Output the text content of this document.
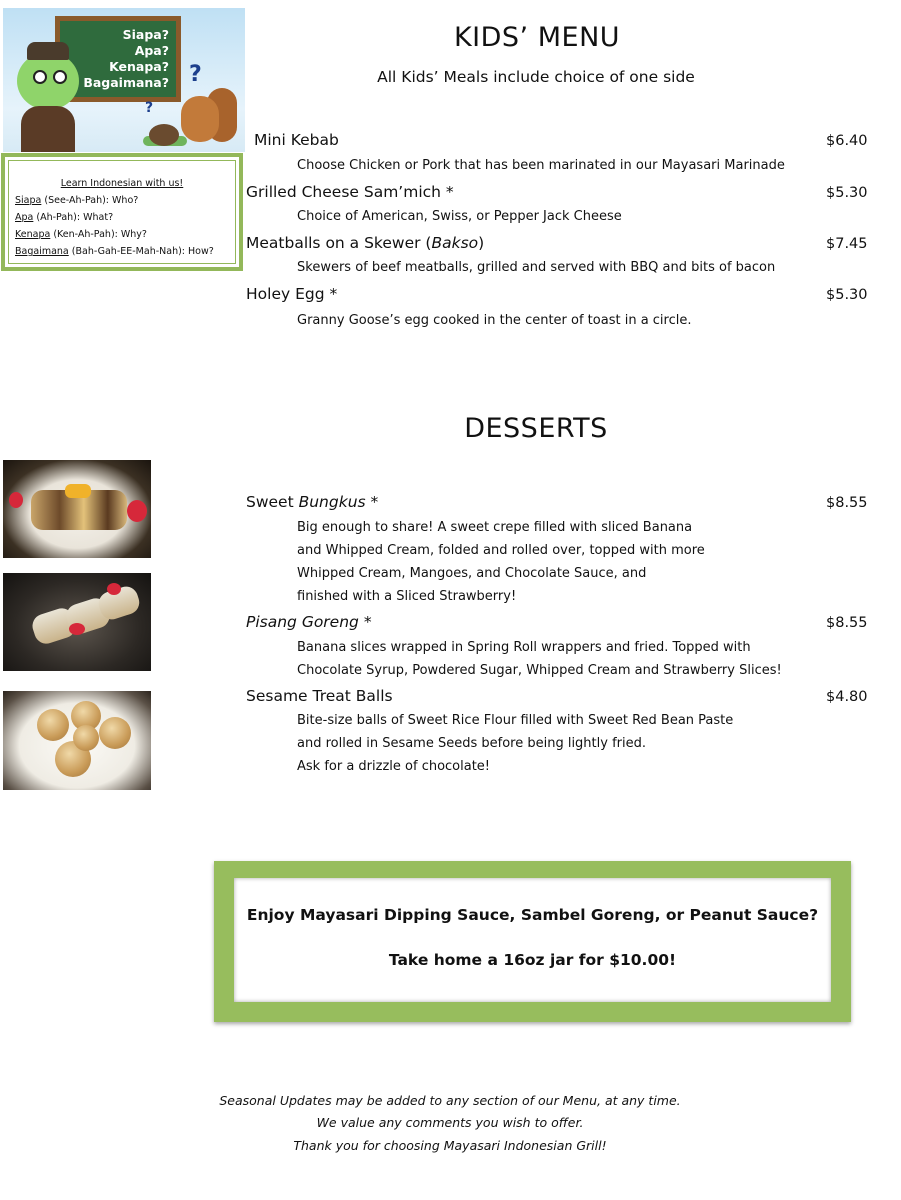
Siapa?
Apa?
Kenapa?
Bagaimana? ?
?
Learn Indonesian with us!
Siapa (See-Ah-Pah): Who?
Apa (Ah-Pah): What?
Kenapa (Ken-Ah-Pah): Why?
Bagaimana (Bah-Gah-EE-Mah-Nah): How?
KIDS’ MENU
All Kids’ Meals include choice of one side
Mini Kebab	$6.40
Choose Chicken or Pork that has been marinated in our Mayasari Marinade
Grilled Cheese Sam’mich *	$5.30
Choice of American, Swiss, or Pepper Jack Cheese
Meatballs on a Skewer (Bakso)	$7.45
Skewers of beef meatballs, grilled and served with BBQ and bits of bacon
Holey Egg *	$5.30
Granny Goose’s egg cooked in the center of toast in a circle.
DESSERTS
Sweet Bungkus *	$8.55
Big enough to share! A sweet crepe filled with sliced Banana
and Whipped Cream, folded and rolled over, topped with more
Whipped Cream, Mangoes, and Chocolate Sauce, and
finished with a Sliced Strawberry!
Pisang Goreng *	$8.55
Banana slices wrapped in Spring Roll wrappers and fried. Topped with
Chocolate Syrup, Powdered Sugar, Whipped Cream and Strawberry Slices!
Sesame Treat Balls	$4.80
Bite-size balls of Sweet Rice Flour filled with Sweet Red Bean Paste
and rolled in Sesame Seeds before being lightly fried.
Ask for a drizzle of chocolate!
Enjoy Mayasari Dipping Sauce, Sambel Goreng, or Peanut Sauce?
Take home a 16oz jar for $10.00!
Seasonal Updates may be added to any section of our Menu, at any time.
We value any comments you wish to offer.
Thank you for choosing Mayasari Indonesian Grill!
